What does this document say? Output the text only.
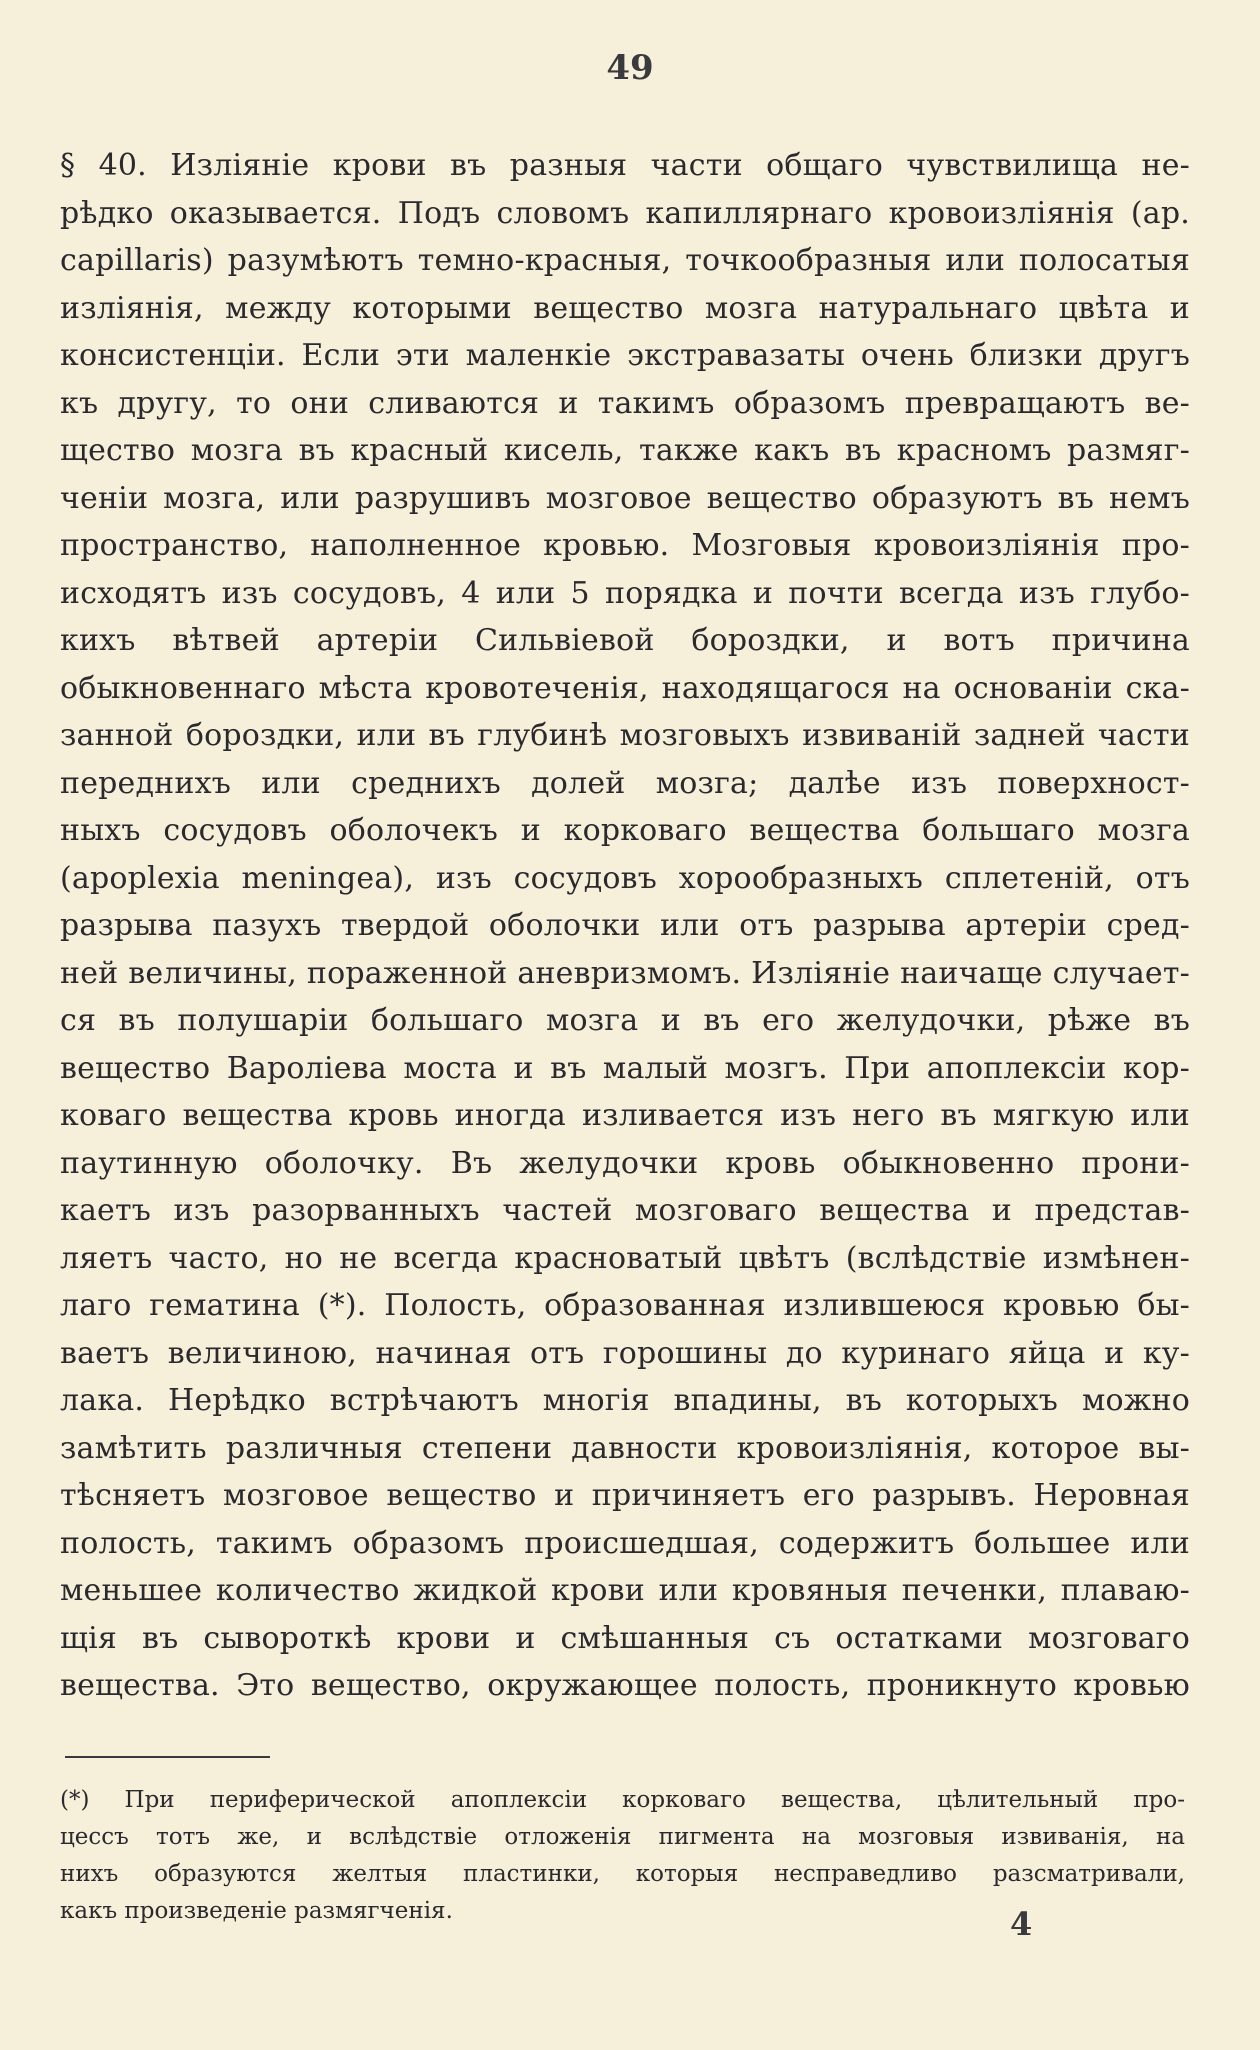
49
§ 40. Изліяніе крови въ разныя части общаго чувствилища не-
рѣдко оказывается. Подъ словомъ капиллярнаго кровоизліянія (ар.
capillaris) разумѣютъ темно-красныя, точкообразныя или полосатыя
изліянія, между которыми вещество мозга натуральнаго цвѣта и
консистенціи. Если эти маленкіе экстравазаты очень близки другъ
къ другу, то они сливаются и такимъ образомъ превращаютъ ве-
щество мозга въ красный кисель, также какъ въ красномъ размяг-
ченіи мозга, или разрушивъ мозговое вещество образуютъ въ немъ
пространство, наполненное кровью. Мозговыя кровоизліянія про-
исходятъ изъ сосудовъ, 4 или 5 порядка и почти всегда изъ глубо-
кихъ вѣтвей артеріи Сильвіевой бороздки, и вотъ причина
обыкновеннаго мѣста кровотеченія, находящагося на основаніи ска-
занной бороздки, или въ глубинѣ мозговыхъ извиваній задней части
переднихъ или среднихъ долей мозга; далѣе изъ поверхност-
ныхъ сосудовъ оболочекъ и корковаго вещества большаго мозга
(apoplexia meningea), изъ сосудовъ хорообразныхъ сплетеній, отъ
разрыва пазухъ твердой оболочки или отъ разрыва артеріи сред-
ней величины, пораженной аневризмомъ. Изліяніе наичаще случает-
ся въ полушаріи большаго мозга и въ его желудочки, рѣже въ
вещество Вароліева моста и въ малый мозгъ. При апоплексіи кор-
коваго вещества кровь иногда изливается изъ него въ мягкую или
паутинную оболочку. Въ желудочки кровь обыкновенно прони-
каетъ изъ разорванныхъ частей мозговаго вещества и представ-
ляетъ часто, но не всегда красноватый цвѣтъ (вслѣдствіе измѣнен-
лаго гематина (*). Полость, образованная излившеюся кровью бы-
ваетъ величиною, начиная отъ горошины до куринаго яйца и ку-
лака. Нерѣдко встрѣчаютъ многія впадины, въ которыхъ можно
замѣтить различныя степени давности кровоизліянія, которое вы-
тѣсняетъ мозговое вещество и причиняетъ его разрывъ. Неровная
полость, такимъ образомъ происшедшая, содержитъ большее или
меньшее количество жидкой крови или кровяныя печенки, плаваю-
щія въ сывороткѣ крови и смѣшанныя съ остатками мозговаго
вещества. Это вещество, окружающее полость, проникнуто кровью
(*) При периферической апоплексіи корковаго вещества, цѣлительный про-
цессъ тотъ же, и вслѣдствіе отложенія пигмента на мозговыя извиванія, на
нихъ образуются желтыя пластинки, которыя несправедливо разсматривали,
какъ произведеніе размягченія.	4
